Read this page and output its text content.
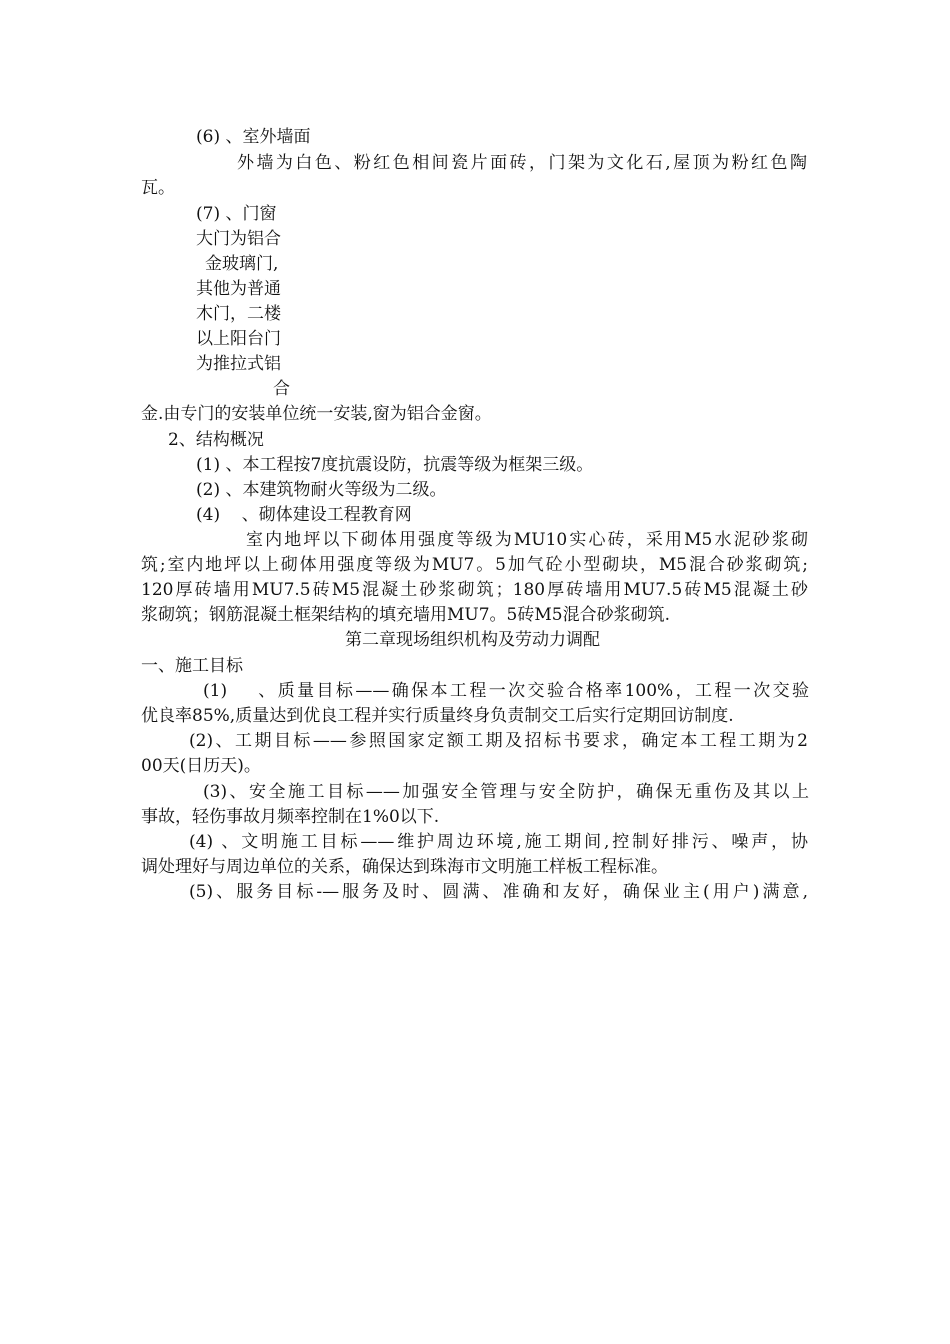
(6) 、室外墙面
外墙为白色、粉红色相间瓷片面砖，门架为文化石,屋顶为粉红色陶
瓦。
(7) 、门窗
大门为铝合
金玻璃门,
其他为普通
木门，二楼
以上阳台门
为推拉式铝
合
金.由专门的安装单位统一安装,窗为铝合金窗。
2、结构概况
(1) 、本工程按7度抗震设防，抗震等级为框架三级。
(2) 、本建筑物耐火等级为二级。
(4)    、砌体建设工程教育网
室内地坪以下砌体用强度等级为MU10实心砖，采用M5水泥砂浆砌
筑;室内地坪以上砌体用强度等级为MU7。5加气砼小型砌块，M5混合砂浆砌筑;
120厚砖墙用MU7.5砖M5混凝土砂浆砌筑；180厚砖墙用MU7.5砖M5混凝土砂
浆砌筑；钢筋混凝土框架结构的填充墙用MU7。5砖M5混合砂浆砌筑.
第二章现场组织机构及劳动力调配
一、施工目标
(1)    、质量目标——确保本工程一次交验合格率100%，工程一次交验
优良率85%,质量达到优良工程并实行质量终身负责制交工后实行定期回访制度.
(2)、工期目标——参照国家定额工期及招标书要求，确定本工程工期为2
00天(日历天)。
(3)、安全施工目标——加强安全管理与安全防护，确保无重伤及其以上
事故，轻伤事故月频率控制在1%0以下.
(4) 、文明施工目标——维护周边环境,施工期间,控制好排污、噪声，协
调处理好与周边单位的关系，确保达到珠海市文明施工样板工程标准。
(5)、服务目标-—服务及时、圆满、准确和友好，确保业主(用户)满意,
